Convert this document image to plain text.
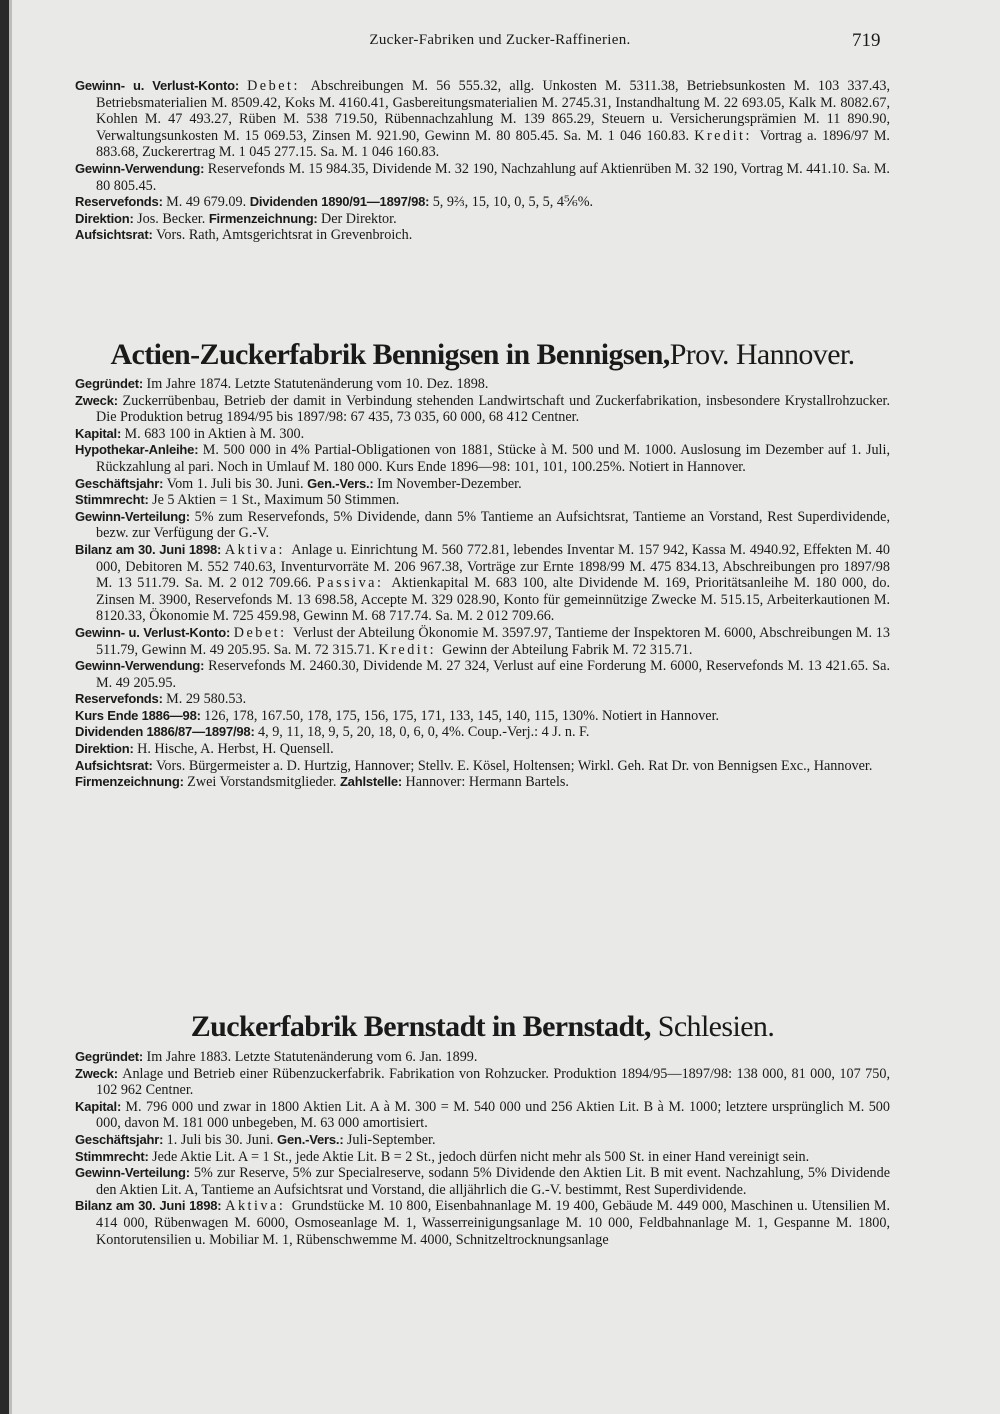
Zucker-Fabriken und Zucker-Raffinerien.	719

Gewinn- u. Verlust-Konto: Debet: Abschreibungen M. 56 555.32, allg. Unkosten M. 5311.38, Betriebsunkosten M. 103 337.43, Betriebsmaterialien M. 8509.42, Koks M. 4160.41, Gasbereitungsmaterialien M. 2745.31, Instandhaltung M. 22 693.05, Kalk M. 8082.67, Kohlen M. 47 493.27, Rüben M. 538 719.50, Rübennachzahlung M. 139 865.29, Steuern u. Versicherungsprämien M. 11 890.90, Verwaltungsunkosten M. 15 069.53, Zinsen M. 921.90, Gewinn M. 80 805.45. Sa. M. 1 046 160.83. Kredit: Vortrag a. 1896/97 M. 883.68, Zuckerertrag M. 1 045 277.15. Sa. M. 1 046 160.83.

Gewinn-Verwendung: Reservefonds M. 15 984.35, Dividende M. 32 190, Nachzahlung auf Aktienrüben M. 32 190, Vortrag M. 441.10. Sa. M. 80 805.45.

Reservefonds: M. 49 679.09. Dividenden 1890/91—1897/98: 5, 9⅔, 15, 10, 0, 5, 5, 4⅚%.

Direktion: Jos. Becker. Firmenzeichnung: Der Direktor.

Aufsichtsrat: Vors. Rath, Amtsgerichtsrat in Grevenbroich.

Actien-Zuckerfabrik Bennigsen in Bennigsen,Prov. Hannover.

Gegründet: Im Jahre 1874. Letzte Statutenänderung vom 10. Dez. 1898.

Zweck: Zuckerrübenbau, Betrieb der damit in Verbindung stehenden Landwirtschaft und Zuckerfabrikation, insbesondere Krystallrohzucker. Die Produktion betrug 1894/95 bis 1897/98: 67 435, 73 035, 60 000, 68 412 Centner.

Kapital: M. 683 100 in Aktien à M. 300.

Hypothekar-Anleihe: M. 500 000 in 4% Partial-Obligationen von 1881, Stücke à M. 500 und M. 1000. Auslosung im Dezember auf 1. Juli, Rückzahlung al pari. Noch in Umlauf M. 180 000. Kurs Ende 1896—98: 101, 101, 100.25%. Notiert in Hannover.

Geschäftsjahr: Vom 1. Juli bis 30. Juni. Gen.-Vers.: Im November-Dezember.

Stimmrecht: Je 5 Aktien = 1 St., Maximum 50 Stimmen.

Gewinn-Verteilung: 5% zum Reservefonds, 5% Dividende, dann 5% Tantieme an Aufsichtsrat, Tantieme an Vorstand, Rest Superdividende, bezw. zur Verfügung der G.-V.

Bilanz am 30. Juni 1898: Aktiva: Anlage u. Einrichtung M. 560 772.81, lebendes Inventar M. 157 942, Kassa M. 4940.92, Effekten M. 40 000, Debitoren M. 552 740.63, Inventurvorräte M. 206 967.38, Vorträge zur Ernte 1898/99 M. 475 834.13, Abschreibungen pro 1897/98 M. 13 511.79. Sa. M. 2 012 709.66. Passiva: Aktienkapital M. 683 100, alte Dividende M. 169, Prioritätsanleihe M. 180 000, do. Zinsen M. 3900, Reservefonds M. 13 698.58, Accepte M. 329 028.90, Konto für gemeinnützige Zwecke M. 515.15, Arbeiterkautionen M. 8120.33, Ökonomie M. 725 459.98, Gewinn M. 68 717.74. Sa. M. 2 012 709.66.

Gewinn- u. Verlust-Konto: Debet: Verlust der Abteilung Ökonomie M. 3597.97, Tantieme der Inspektoren M. 6000, Abschreibungen M. 13 511.79, Gewinn M. 49 205.95. Sa. M. 72 315.71. Kredit: Gewinn der Abteilung Fabrik M. 72 315.71.

Gewinn-Verwendung: Reservefonds M. 2460.30, Dividende M. 27 324, Verlust auf eine Forderung M. 6000, Reservefonds M. 13 421.65. Sa. M. 49 205.95.

Reservefonds: M. 29 580.53.

Kurs Ende 1886—98: 126, 178, 167.50, 178, 175, 156, 175, 171, 133, 145, 140, 115, 130%. Notiert in Hannover.

Dividenden 1886/87—1897/98: 4, 9, 11, 18, 9, 5, 20, 18, 0, 6, 0, 4%. Coup.-Verj.: 4 J. n. F.

Direktion: H. Hische, A. Herbst, H. Quensell.

Aufsichtsrat: Vors. Bürgermeister a. D. Hurtzig, Hannover; Stellv. E. Kösel, Holtensen; Wirkl. Geh. Rat Dr. von Bennigsen Exc., Hannover.

Firmenzeichnung: Zwei Vorstandsmitglieder. Zahlstelle: Hannover: Hermann Bartels.

Zuckerfabrik Bernstadt in Bernstadt, Schlesien.

Gegründet: Im Jahre 1883. Letzte Statutenänderung vom 6. Jan. 1899.

Zweck: Anlage und Betrieb einer Rübenzuckerfabrik. Fabrikation von Rohzucker. Produktion 1894/95—1897/98: 138 000, 81 000, 107 750, 102 962 Centner.

Kapital: M. 796 000 und zwar in 1800 Aktien Lit. A à M. 300 = M. 540 000 und 256 Aktien Lit. B à M. 1000; letztere ursprünglich M. 500 000, davon M. 181 000 unbegeben, M. 63 000 amortisiert.

Geschäftsjahr: 1. Juli bis 30. Juni. Gen.-Vers.: Juli-September.

Stimmrecht: Jede Aktie Lit. A = 1 St., jede Aktie Lit. B = 2 St., jedoch dürfen nicht mehr als 500 St. in einer Hand vereinigt sein.

Gewinn-Verteilung: 5% zur Reserve, 5% zur Specialreserve, sodann 5% Dividende den Aktien Lit. B mit event. Nachzahlung, 5% Dividende den Aktien Lit. A, Tantieme an Aufsichtsrat und Vorstand, die alljährlich die G.-V. bestimmt, Rest Superdividende.

Bilanz am 30. Juni 1898: Aktiva: Grundstücke M. 10 800, Eisenbahnanlage M. 19 400, Gebäude M. 449 000, Maschinen u. Utensilien M. 414 000, Rübenwagen M. 6000, Osmoseanlage M. 1, Wasserreinigungsanlage M. 10 000, Feldbahnanlage M. 1, Gespanne M. 1800, Kontorutensilien u. Mobiliar M. 1, Rübenschwemme M. 4000, Schnitzeltrocknungsanlage
